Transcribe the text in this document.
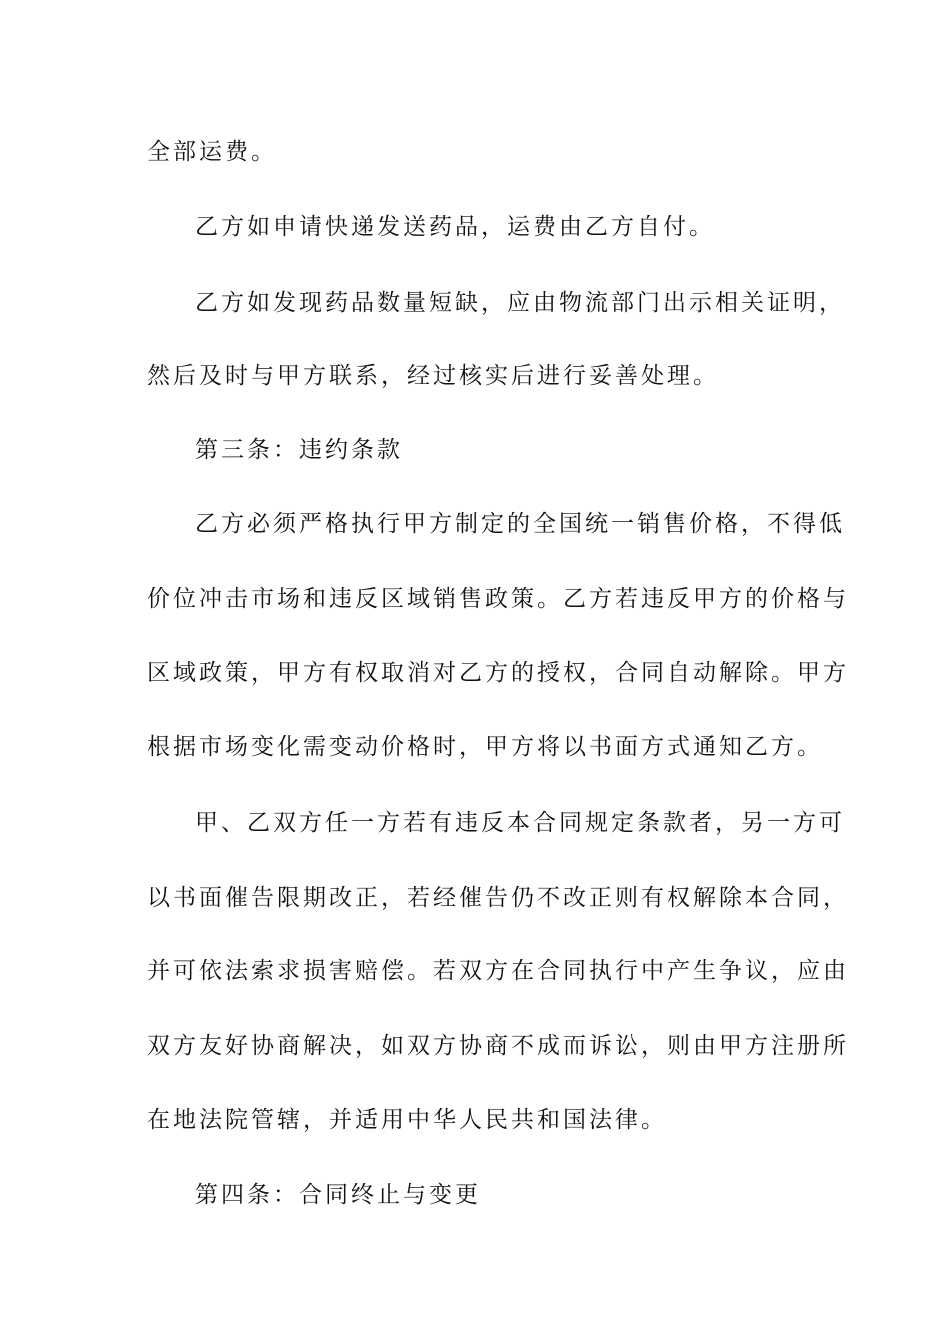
全部运费。
乙方如申请快递发送药品，运费由乙方自付。
乙方如发现药品数量短缺，应由物流部门出示相关证明，
然后及时与甲方联系，经过核实后进行妥善处理。
第三条：违约条款
乙方必须严格执行甲方制定的全国统一销售价格，不得低
价位冲击市场和违反区域销售政策。乙方若违反甲方的价格与
区域政策，甲方有权取消对乙方的授权，合同自动解除。甲方
根据市场变化需变动价格时，甲方将以书面方式通知乙方。
甲、乙双方任一方若有违反本合同规定条款者，另一方可
以书面催告限期改正，若经催告仍不改正则有权解除本合同，
并可依法索求损害赔偿。若双方在合同执行中产生争议，应由
双方友好协商解决，如双方协商不成而诉讼，则由甲方注册所
在地法院管辖，并适用中华人民共和国法律。
第四条：合同终止与变更
